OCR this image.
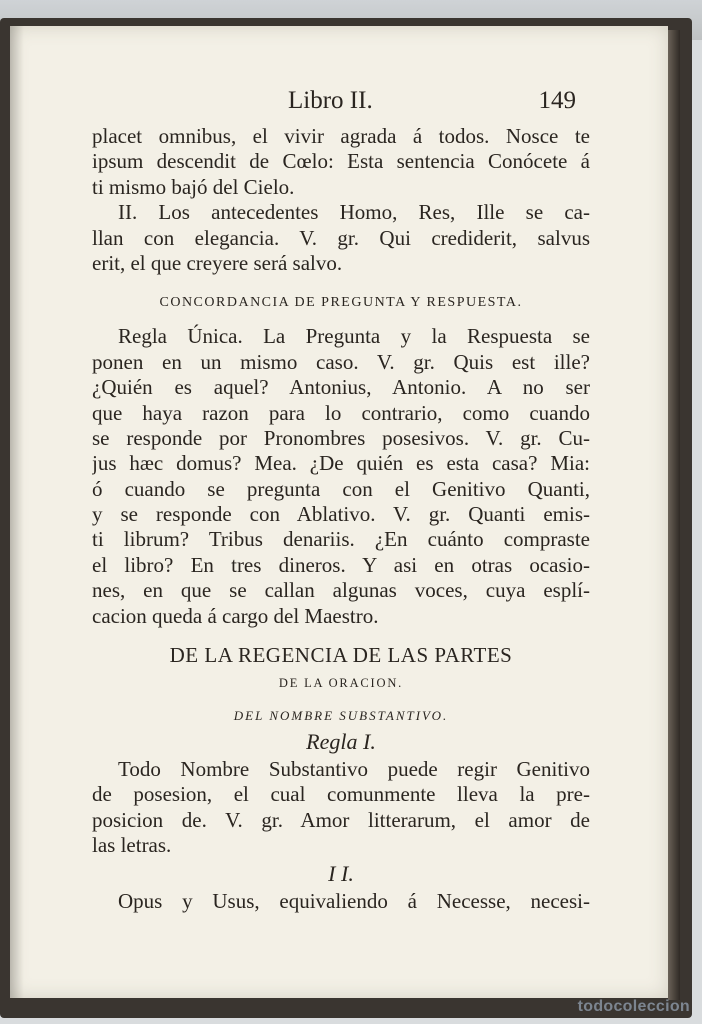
Libro II.	149
placet omnibus, el vivir agrada á todos. Nosce te
ipsum descendit de Cœlo: Esta sentencia Conócete á
ti mismo bajó del Cielo.
II. Los antecedentes Homo, Res, Ille se ca-
llan con elegancia. V. gr. Qui crediderit, salvus
erit, el que creyere será salvo.
CONCORDANCIA DE PREGUNTA Y RESPUESTA.
Regla Única. La Pregunta y la Respuesta se
ponen en un mismo caso. V. gr. Quis est ille?
¿Quién es aquel? Antonius, Antonio. A no ser
que haya razon para lo contrario, como cuando
se responde por Pronombres posesivos. V. gr. Cu-
jus hæc domus? Mea. ¿De quién es esta casa? Mia:
ó cuando se pregunta con el Genitivo Quanti,
y se responde con Ablativo. V. gr. Quanti emis-
ti librum? Tribus denariis. ¿En cuánto compraste
el libro? En tres dineros. Y asi en otras ocasio-
nes, en que se callan algunas voces, cuya esplí-
cacion queda á cargo del Maestro.
DE LA REGENCIA DE LAS PARTES
DE LA ORACION.
DEL NOMBRE SUBSTANTIVO.
Regla I.
Todo Nombre Substantivo puede regir Genitivo
de posesion, el cual comunmente lleva la pre-
posicion de. V. gr. Amor litterarum, el amor de
las letras.
I I.
Opus y Usus, equivaliendo á Necesse, necesi-
todocoleccion
